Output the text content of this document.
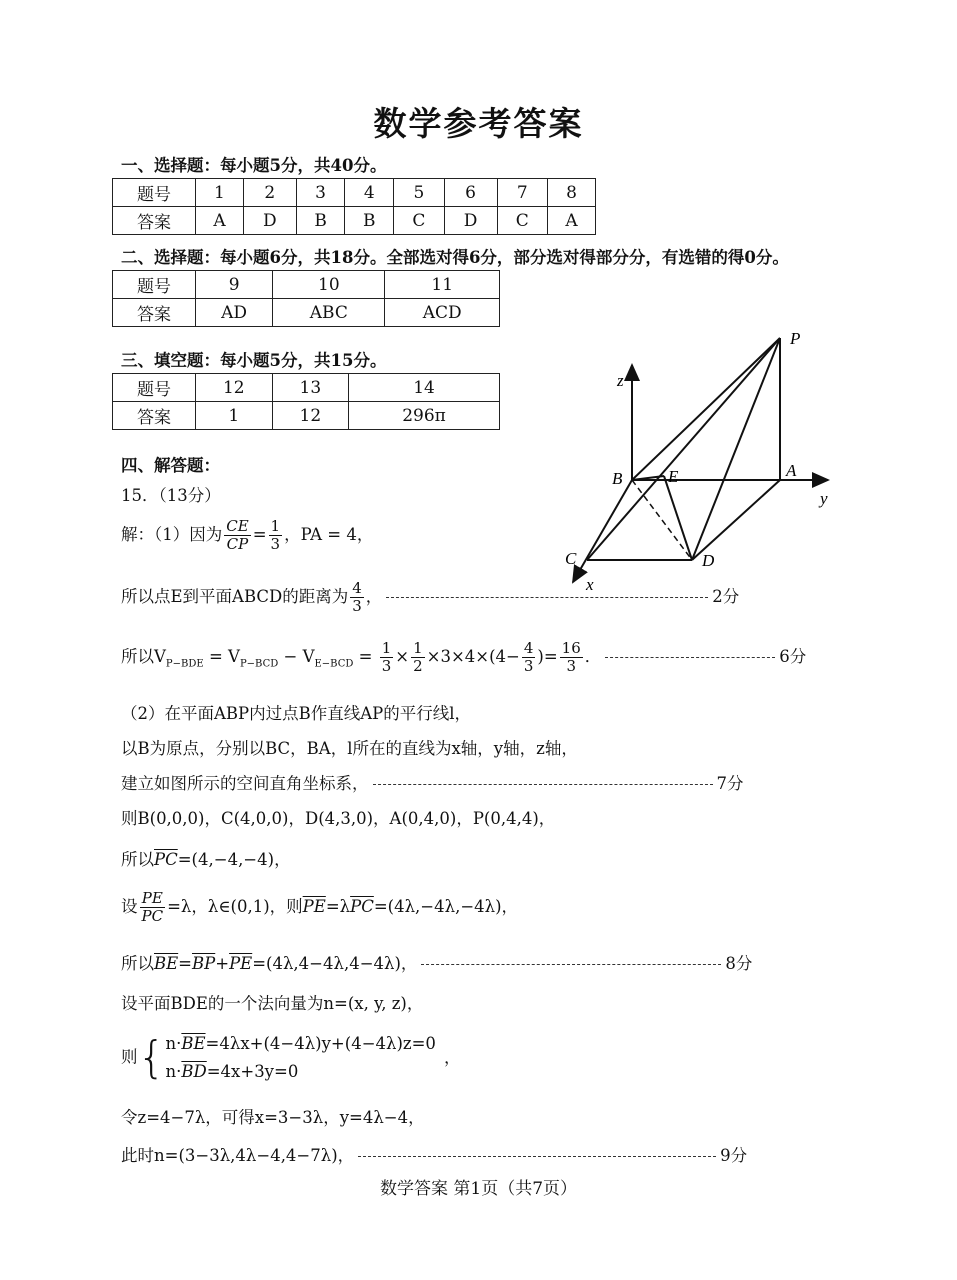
数学参考答案
一、选择题：每小题5分，共40分。
题号	1	2	3	4	5	6	7	8
答案	A	D	B	B	C	D	C	A
二、选择题：每小题6分，共18分。全部选对得6分，部分选对得部分分，有选错的得0分。
题号	9	10	11
答案	AD	ABC	ACD
三、填空题：每小题5分，共15分。
题号	12	13	14
答案	1	12	296π
四、解答题：
15．（13分）
P
z
B	E	A
y
C	D
x
解：（1）因为 $\frac{CE}{CP} = \frac{1}{3}$ ，PA = 4，
所以点E到平面ABCD的距离为 $\frac{4}{3}$ ，	2分
所以$V_{P-BDE} = V_{P-BCD} - V_{E-BCD} = \frac{1}{3} \times \frac{1}{2} \times 3\times 4\times(4- \frac{4}{3}$ )= $\frac{16}{3}$ ．	6分
（2）在平面ABP内过点B作直线AP的平行线l，
以B为原点，分别以BC，BA，l所在的直线为x轴，y轴，z轴，
建立如图所示的空间直角坐标系，	7分
则B(0,0,0)，C(4,0,0)，D(4,3,0)，A(0,4,0)，P(0,4,4)，
所以$\overline{PC}=(4,-4,-4)$，
设 $\frac{PE}{PC} =\lambda$，λ∈(0,1)，则$\overline{PE}=\lambda\overline{PC}=(4\lambda,-4\lambda,-4\lambda)$，
所以$\overline{BE}=\overline{BP}+\overline{PE}=(4\lambda,4-4\lambda,4-4\lambda)$，	8分
设平面BDE的一个法向量为n=(x, y, z)，
则{ $n\cdot\overline{BE}=4\lambda x+(4-4\lambda)y+(4-4\lambda)z=0$
$n\cdot\overline{BD}=4x+3y=0$
，
令z=4−7λ，可得x=3−3λ，y=4λ−4，
此时n=(3−3λ,4λ−4,4−7λ)，	9分
数学答案 第1页（共7页）
